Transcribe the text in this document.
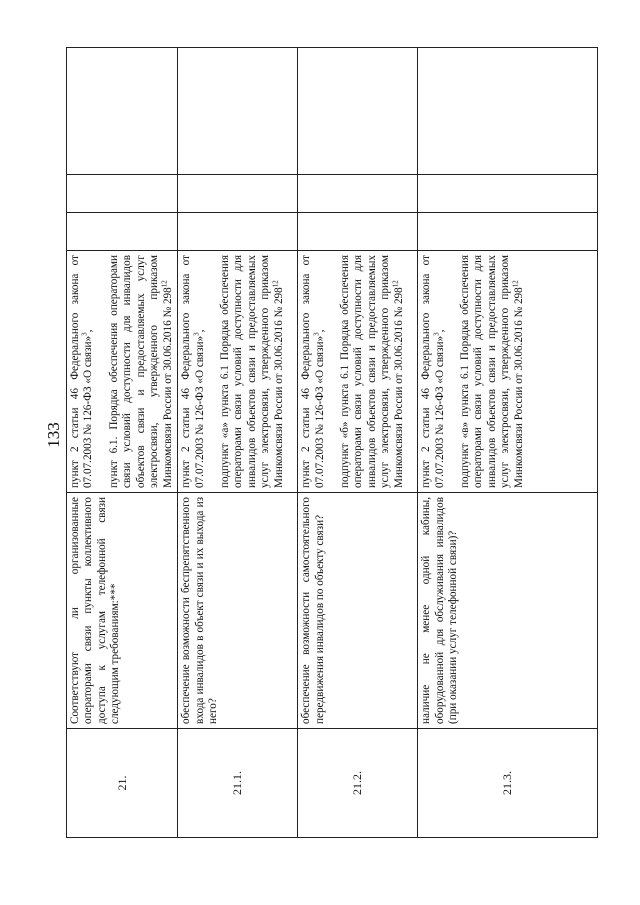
133
21.	Соответствуют ли организованные операторами связи пункты коллективного доступа к услугам телефонной связи следующим требованиям:***	пункт 2 статьи 46 Федерального закона от 07.07.2003 № 126-ФЗ «О связи»$^3$,
пункт 6.1. Порядка обеспечения операторами связи условий доступности для инвалидов объектов связи и предоставляемых услуг электросвязи, утвержденного приказом Минкомсвязи России от 30.06.2016 № $298^{12}$			
21.1.	обеспечение возможности беспрепятственного входа инвалидов в объект связи и их выхода из него?	пункт 2 статьи 46 Федерального закона от 07.07.2003 № 126-ФЗ «О связи»$^3$,
подпункт «а» пункта 6.1 Порядка обеспечения операторами связи условий доступности для инвалидов объектов связи и предоставляемых услуг электросвязи, утвержденного приказом Минкомсвязи России от 30.06.2016 № $298^{12}$			
21.2.	обеспечение возможности самостоятельного передвижения инвалидов по объекту связи?	пункт 2 статьи 46 Федерального закона от 07.07.2003 № 126-ФЗ «О связи»$^3$,
подпункт «б» пункта 6.1 Порядка обеспечения операторами связи условий доступности для инвалидов объектов связи и предоставляемых услуг электросвязи, утвержденного приказом Минкомсвязи России от 30.06.2016 № $298^{12}$			
21.3.	наличие не менее одной кабины, оборудованной для обслуживания инвалидов (при оказании услуг телефонной связи)?	пункт 2 статьи 46 Федерального закона от 07.07.2003 № 126-ФЗ «О связи»$^3$,
подпункт «в» пункта 6.1 Порядка обеспечения операторами связи условий доступности для инвалидов объектов связи и предоставляемых услуг электросвязи, утвержденного приказом Минкомсвязи России от 30.06.2016 № $298^{12}$			
